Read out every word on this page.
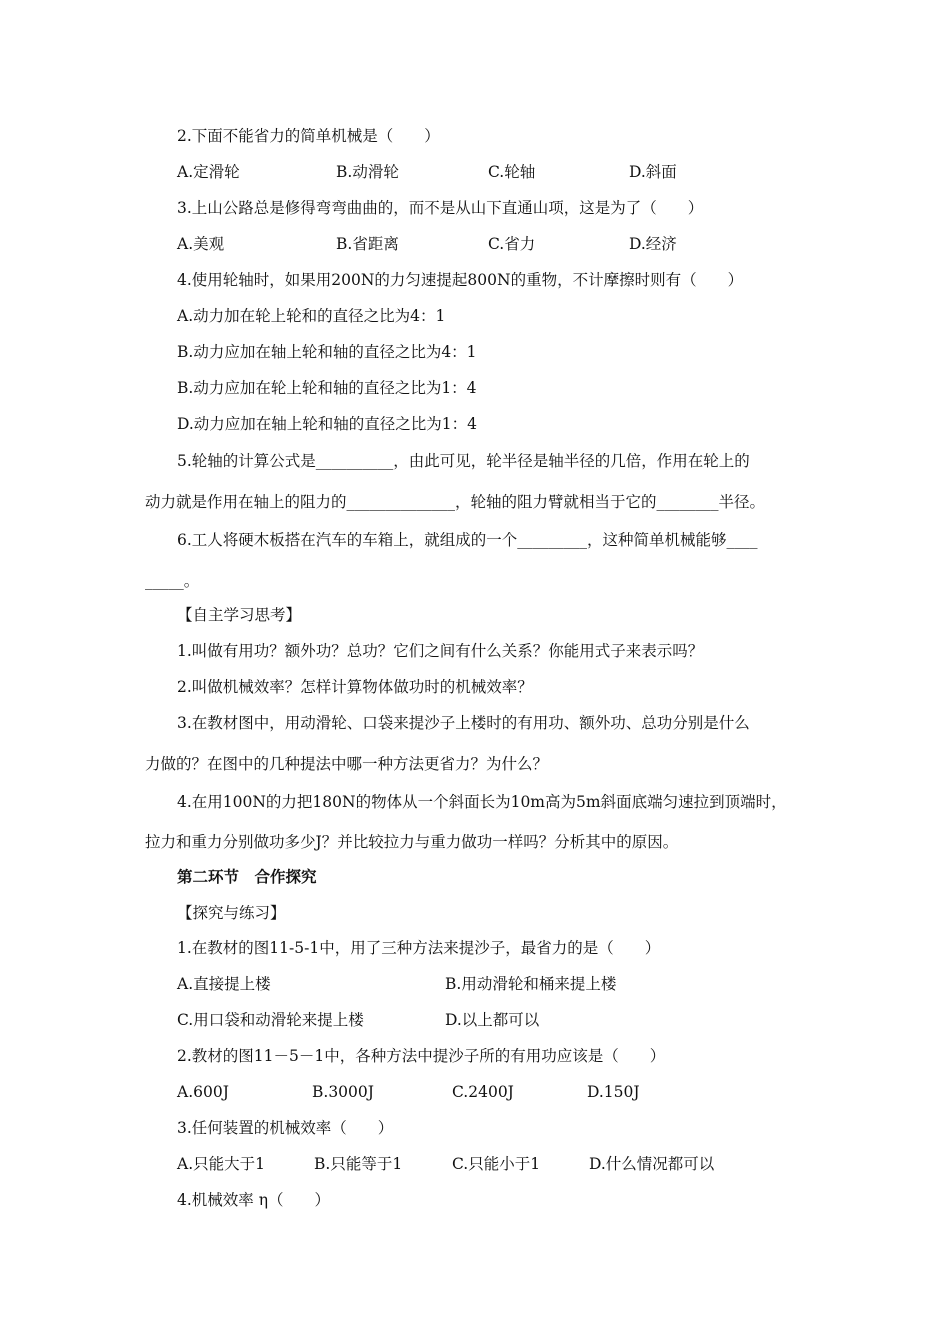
2.下面不能省力的简单机械是（　　）
A.定滑轮	B.动滑轮	C.轮轴	D.斜面
3.上山公路总是修得弯弯曲曲的，而不是从山下直通山项，这是为了（　　）
A.美观	B.省距离	C.省力	D.经济
4.使用轮轴时，如果用200N的力匀速提起800N的重物，不计摩擦时则有（　　）
A.动力加在轮上轮和的直径之比为4：1
B.动力应加在轴上轮和轴的直径之比为4：1
B.动力应加在轮上轮和轴的直径之比为1：4
D.动力应加在轴上轮和轴的直径之比为1：4
5.轮轴的计算公式是__________，由此可见，轮半径是轴半径的几倍，作用在轮上的
动力就是作用在轴上的阻力的______________，轮轴的阻力臂就相当于它的________半径。
6.工人将硬木板搭在汽车的车箱上，就组成的一个_________，这种简单机械能够____
_____。
【自主学习思考】
1.叫做有用功？额外功？总功？它们之间有什么关系？你能用式子来表示吗？
2.叫做机械效率？怎样计算物体做功时的机械效率？
3.在教材图中，用动滑轮、口袋来提沙子上楼时的有用功、额外功、总功分别是什么
力做的？在图中的几种提法中哪一种方法更省力？为什么？
4.在用100N的力把180N的物体从一个斜面长为10m高为5m斜面底端匀速拉到顶端时，
拉力和重力分别做功多少J？并比较拉力与重力做功一样吗？分析其中的原因。
第二环节　合作探究
【探究与练习】
1.在教材的图11-5-1中，用了三种方法来提沙子，最省力的是（　　）
A.直接提上楼	B.用动滑轮和桶来提上楼
C.用口袋和动滑轮来提上楼	D.以上都可以
2.教材的图11－5－1中，各种方法中提沙子所的有用功应该是（　　）
A.600J	B.3000J	C.2400J	D.150J
3.任何装置的机械效率（　　）
A.只能大于1	B.只能等于1	C.只能小于1	D.什么情况都可以
4.机械效率 η（　　）
